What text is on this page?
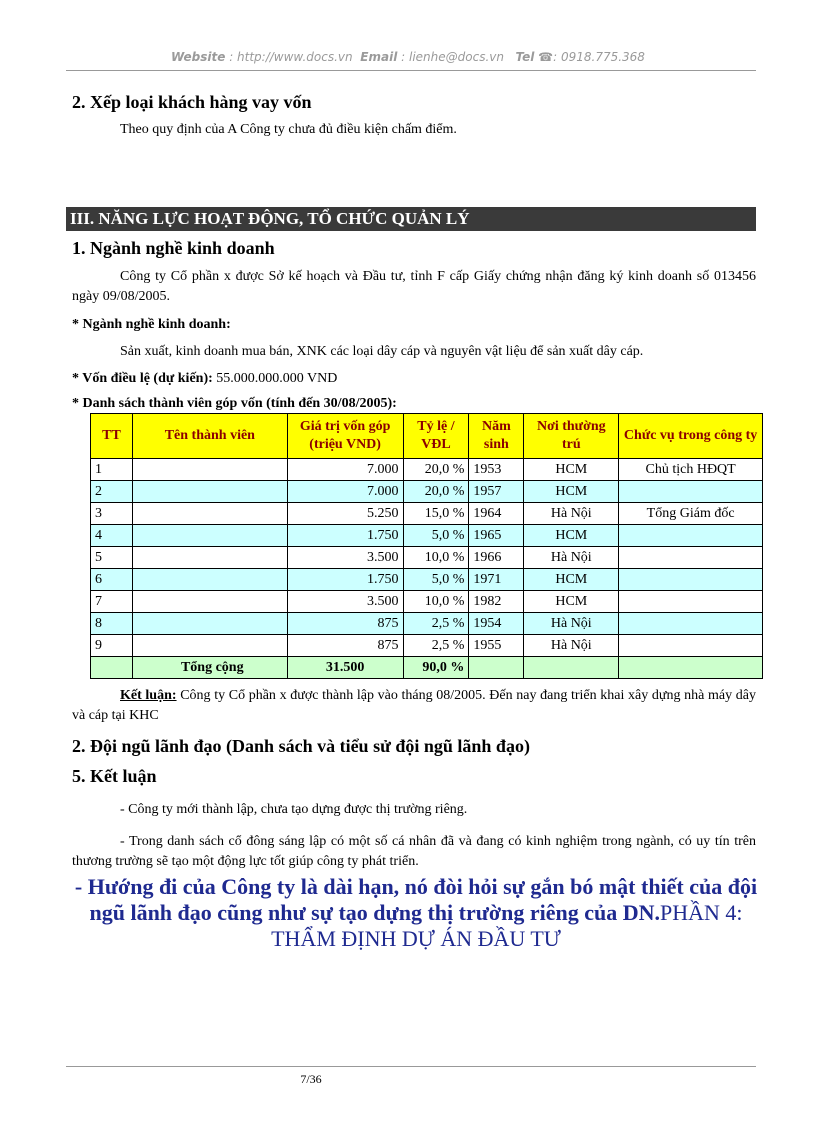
Website : http://www.docs.vn Email : lienhe@docs.vn Tel ☎: 0918.775.368
2. Xếp loại khách hàng vay vốn
Theo quy định của A Công ty chưa đủ điều kiện chấm điểm.
III. NĂNG LỰC HOẠT ĐỘNG, TỔ CHỨC QUẢN LÝ
1. Ngành nghề kinh doanh
Công ty Cổ phần x được Sở kế hoạch và Đầu tư, tỉnh F cấp Giấy chứng nhận đăng ký kinh doanh số 013456 ngày 09/08/2005.
* Ngành nghề kinh doanh:
Sản xuất, kinh doanh mua bán, XNK các loại dây cáp và nguyên vật liệu để sản xuất dây cáp.
* Vốn điều lệ (dự kiến): 55.000.000.000 VND
* Danh sách thành viên góp vốn (tính đến 30/08/2005):
TT	Tên thành viên	Giá trị vốn góp (triệu VND)	Tỷ lệ / VĐL	Năm sinh	Nơi thường trú	Chức vụ trong công ty
1		7.000	20,0 %	1953	HCM	Chủ tịch HĐQT
2		7.000	20,0 %	1957	HCM	
3		5.250	15,0 %	1964	Hà Nội	Tổng Giám đốc
4		1.750	5,0 %	1965	HCM	
5		3.500	10,0 %	1966	Hà Nội	
6		1.750	5,0 %	1971	HCM	
7		3.500	10,0 %	1982	HCM	
8		875	2,5 %	1954	Hà Nội	
9		875	2,5 %	1955	Hà Nội	
	Tổng cộng	31.500	90,0 %			
Kết luận: Công ty Cổ phần x được thành lập vào tháng 08/2005. Đến nay đang triển khai xây dựng nhà máy dây và cáp tại KHC
2. Đội ngũ lãnh đạo (Danh sách và tiểu sử đội ngũ lãnh đạo)
5. Kết luận
- Công ty mới thành lập, chưa tạo dựng được thị trường riêng.
- Trong danh sách cổ đông sáng lập có một số cá nhân đã và đang có kinh nghiệm trong ngành, có uy tín trên thương trường sẽ tạo một động lực tốt giúp công ty phát triển.
- Hướng đi của Công ty là dài hạn, nó đòi hỏi sự gắn bó mật thiết của đội ngũ lãnh đạo cũng như sự tạo dựng thị trường riêng của DN.PHẦN 4: THẨM ĐỊNH DỰ ÁN ĐẦU TƯ
7/36
